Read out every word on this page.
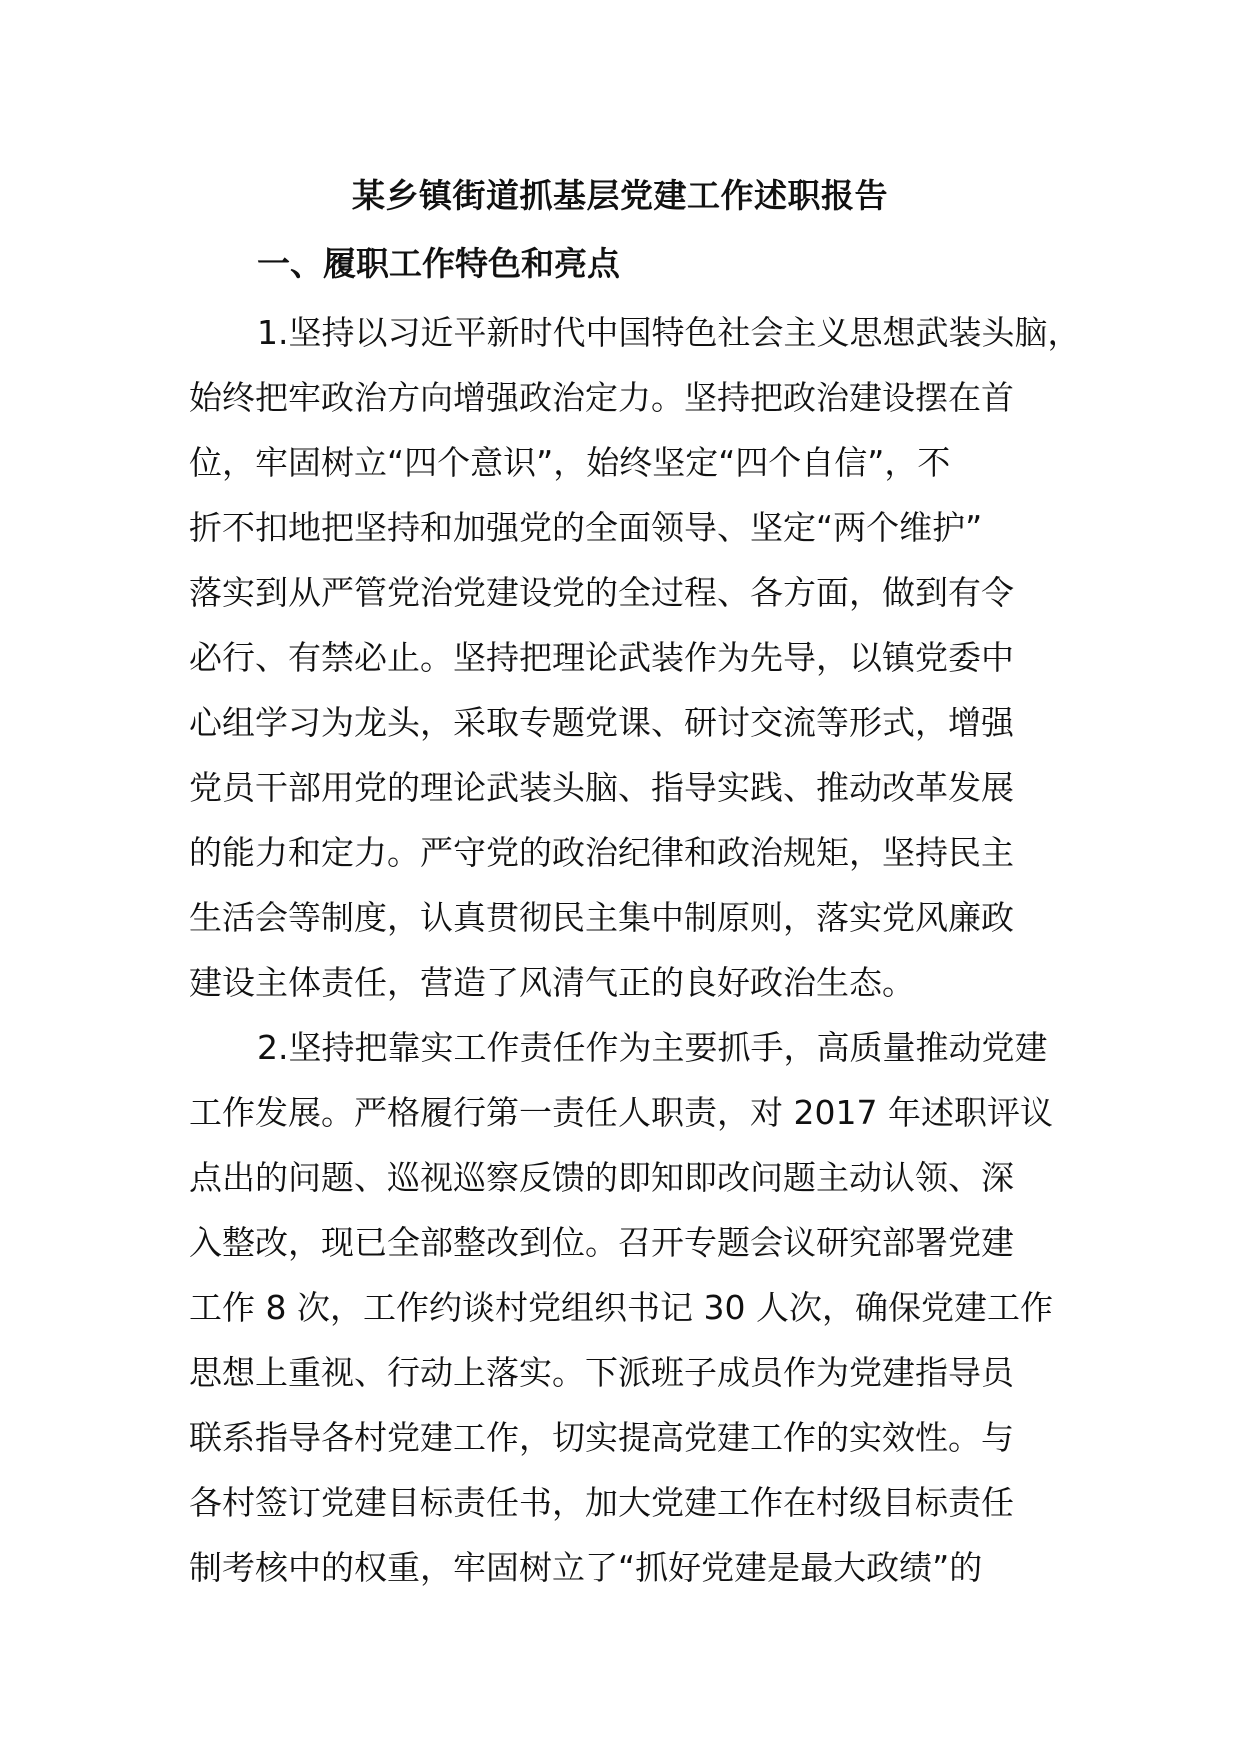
某乡镇街道抓基层党建工作述职报告
一、履职工作特色和亮点
1.坚持以习近平新时代中国特色社会主义思想武装头脑，
始终把牢政治方向增强政治定力。坚持把政治建设摆在首
位，牢固树立“四个意识”，始终坚定“四个自信”，不
折不扣地把坚持和加强党的全面领导、坚定“两个维护”
落实到从严管党治党建设党的全过程、各方面，做到有令
必行、有禁必止。坚持把理论武装作为先导，以镇党委中
心组学习为龙头，采取专题党课、研讨交流等形式，增强
党员干部用党的理论武装头脑、指导实践、推动改革发展
的能力和定力。严守党的政治纪律和政治规矩，坚持民主
生活会等制度，认真贯彻民主集中制原则，落实党风廉政
建设主体责任，营造了风清气正的良好政治生态。
2.坚持把靠实工作责任作为主要抓手，高质量推动党建
工作发展。严格履行第一责任人职责，对 2017 年述职评议
点出的问题、巡视巡察反馈的即知即改问题主动认领、深
入整改，现已全部整改到位。召开专题会议研究部署党建
工作 8 次，工作约谈村党组织书记 30 人次，确保党建工作
思想上重视、行动上落实。下派班子成员作为党建指导员
联系指导各村党建工作，切实提高党建工作的实效性。与
各村签订党建目标责任书，加大党建工作在村级目标责任
制考核中的权重，牢固树立了“抓好党建是最大政绩”的
